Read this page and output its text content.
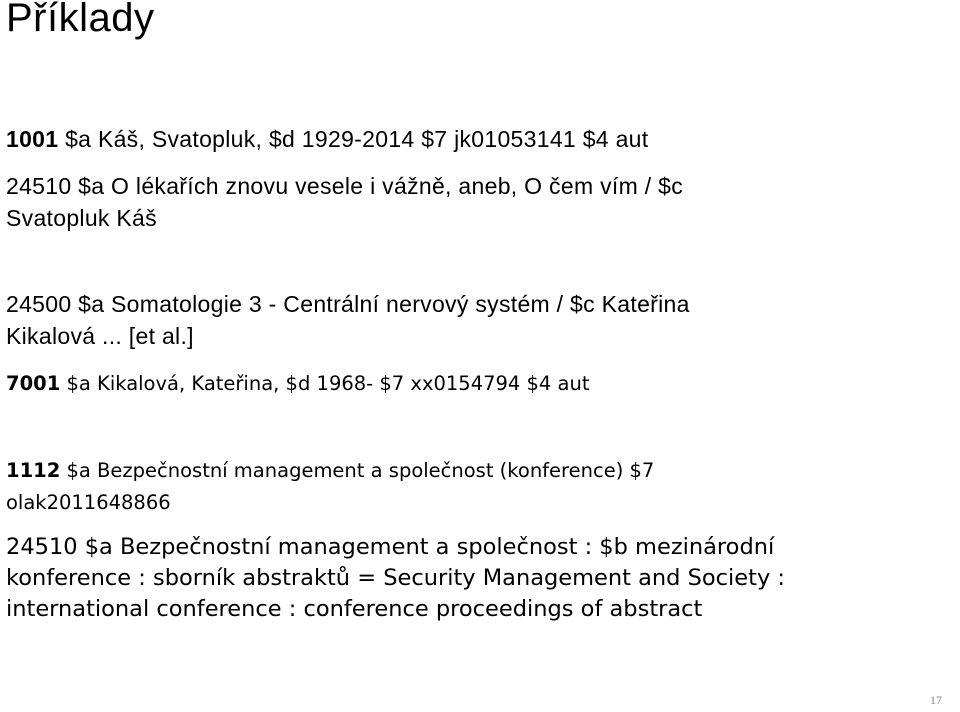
Příklady
1001 $a Káš, Svatopluk, $d 1929-2014 $7 jk01053141 $4 aut
24510 $a O lékařích znovu vesele i vážně, aneb, O čem vím / $c
Svatopluk Káš
24500 $a Somatologie 3 - Centrální nervový systém / $c Kateřina
Kikalová ... [et al.]
7001 $a Kikalová, Kateřina, $d 1968- $7 xx0154794 $4 aut
1112 $a Bezpečnostní management a společnost (konference) $7
olak2011648866
24510 $a Bezpečnostní management a společnost : $b mezinárodní
konference : sborník abstraktů = Security Management and Society :
international conference : conference proceedings of abstract
17
